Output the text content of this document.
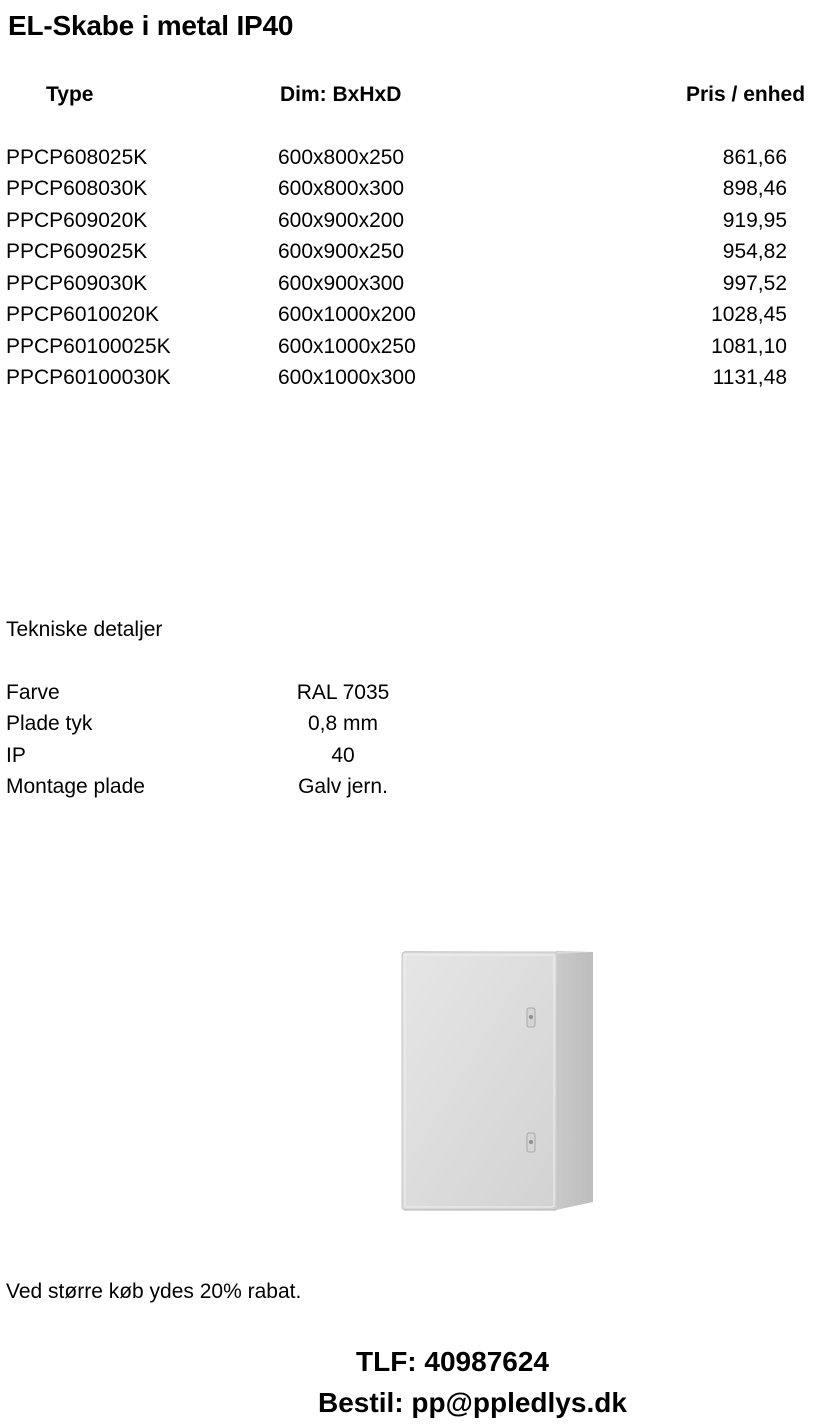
EL-Skabe i metal IP40
Type	Dim: BxHxD	Pris / enhed
PPCP608025K	600x800x250	861,66
PPCP608030K	600x800x300	898,46
PPCP609020K	600x900x200	919,95
PPCP609025K	600x900x250	954,82
PPCP609030K	600x900x300	997,52
PPCP6010020K	600x1000x200	1028,45
PPCP60100025K	600x1000x250	1081,10
PPCP60100030K	600x1000x300	1131,48
Tekniske detaljer
Farve	RAL 7035
Plade tyk	0,8 mm
IP	40
Montage plade	Galv jern.
Ved større køb ydes 20% rabat.
TLF: 40987624
Bestil: pp@ppledlys.dk
